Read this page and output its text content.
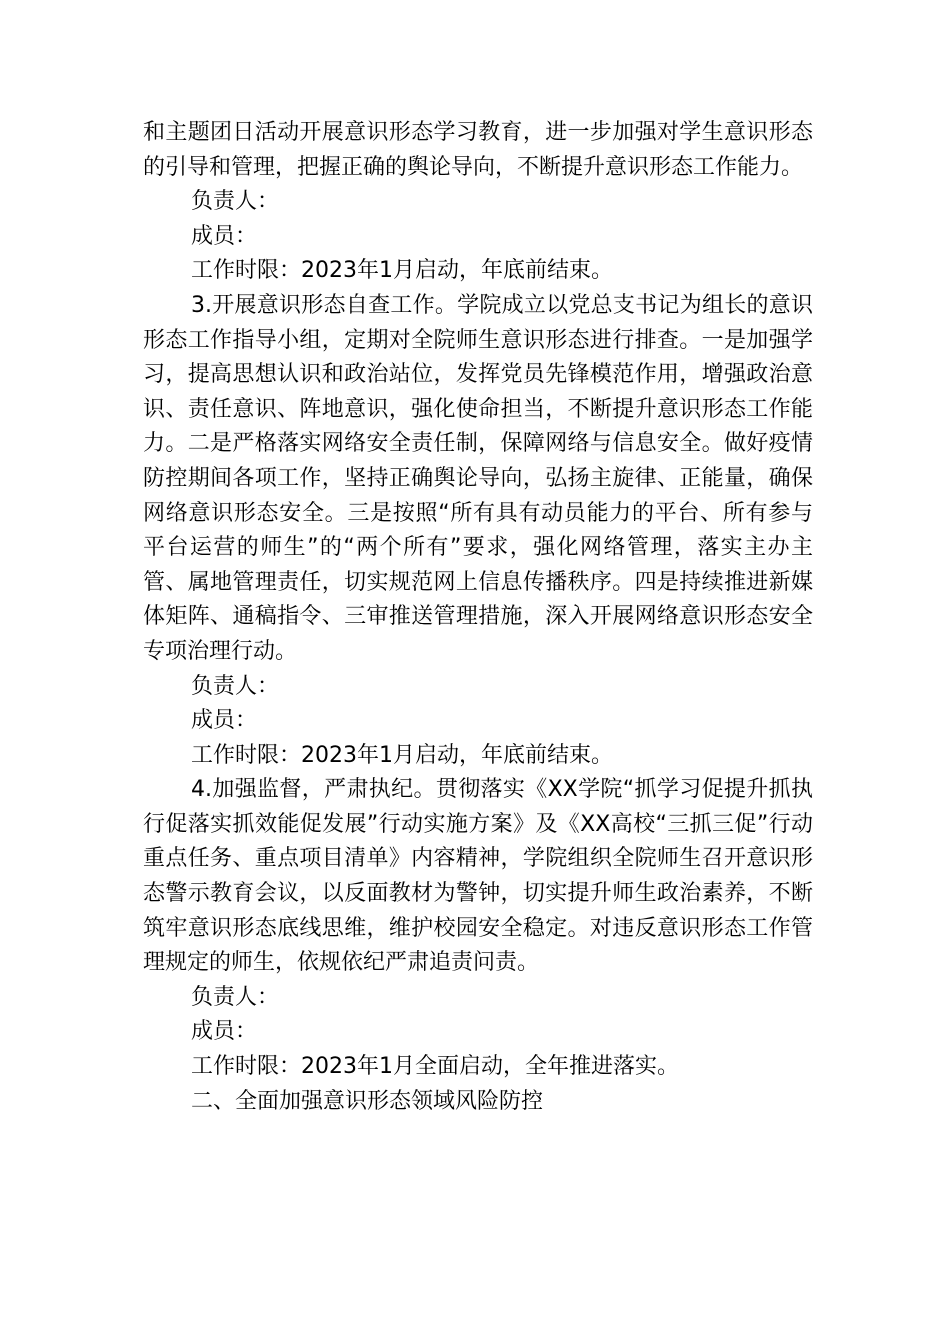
和主题团日活动开展意识形态学习教育，进一步加强对学生意识形态的引导和管理，把握正确的舆论导向，不断提升意识形态工作能力。

负责人：

成员：

工作时限：2023年1月启动，年底前结束。

3.开展意识形态自查工作。学院成立以党总支书记为组长的意识形态工作指导小组，定期对全院师生意识形态进行排查。一是加强学习，提高思想认识和政治站位，发挥党员先锋模范作用，增强政治意识、责任意识、阵地意识，强化使命担当，不断提升意识形态工作能力。二是严格落实网络安全责任制，保障网络与信息安全。做好疫情防控期间各项工作，坚持正确舆论导向，弘扬主旋律、正能量，确保网络意识形态安全。三是按照“所有具有动员能力的平台、所有参与平台运营的师生”的“两个所有”要求，强化网络管理，落实主办主管、属地管理责任，切实规范网上信息传播秩序。四是持续推进新媒体矩阵、通稿指令、三审推送管理措施，深入开展网络意识形态安全专项治理行动。

负责人：

成员：

工作时限：2023年1月启动，年底前结束。

4.加强监督，严肃执纪。贯彻落实《XX学院“抓学习促提升抓执行促落实抓效能促发展”行动实施方案》及《XX高校“三抓三促”行动重点任务、重点项目清单》内容精神，学院组织全院师生召开意识形态警示教育会议，以反面教材为警钟，切实提升师生政治素养，不断筑牢意识形态底线思维，维护校园安全稳定。对违反意识形态工作管理规定的师生，依规依纪严肃追责问责。

负责人：

成员：

工作时限：2023年1月全面启动，全年推进落实。

二、全面加强意识形态领域风险防控
